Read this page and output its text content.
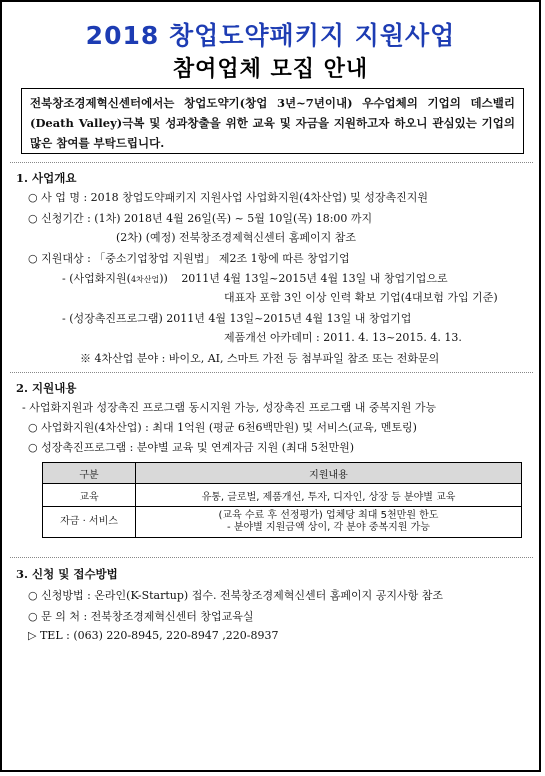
2018 창업도약패키지 지원사업
참여업체 모집 안내
전북창조경제혁신센터에서는 창업도약기(창업 3년~7년이내) 우수업체의 기업의 데스밸리(Death Valley)극복 및 성과창출을 위한 교육 및 자금을 지원하고자 하오니 관심있는 기업의 많은 참여를 부탁드립니다.
1. 사업개요
○ 사 업 명 : 2018 창업도약패키지 지원사업 사업화지원(4차산업) 및 성장촉진지원
○ 신청기간 : (1차) 2018년 4월 26일(목) ~ 5월 10일(목) 18:00 까지
(2차) (예정) 전북창조경제혁신센터 홈페이지 참조
○ 지원대상 : 「중소기업창업 지원법」 제2조 1항에 따른 창업기업
- (사업화지원(4차산업)) 2011년 4월 13일~2015년 4월 13일 내 창업기업으로
대표자 포함 3인 이상 인력 확보 기업(4대보험 가입 기준)
- (성장촉진프로그램) 2011년 4월 13일~2015년 4월 13일 내 창업기업
제품개선 아카데미 : 2011. 4. 13~2015. 4. 13.
※ 4차산업 분야 : 바이오, AI, 스마트 가전 등 첨부파일 참조 또는 전화문의
2. 지원내용
- 사업화지원과 성장촉진 프로그램 동시지원 가능, 성장촉진 프로그램 내 중복지원 가능
○ 사업화지원(4차산업) : 최대 1억원 (평균 6천6백만원) 및 서비스(교육, 멘토링)
○ 성장촉진프로그램 : 분야별 교육 및 연계자금 지원 (최대 5천만원)
구분	지원내용
교육	유통, 글로벌, 제품개선, 투자, 디자인, 상장 등 분야별 교육
자금 · 서비스	(교육 수료 후 선정평가) 업체당 최대 5천만원 한도
- 분야별 지원금액 상이, 각 분야 중복지원 가능
3. 신청 및 접수방법
○ 신청방법 : 온라인(K-Startup) 접수. 전북창조경제혁신센터 홈페이지 공지사항 참조
○ 문 의 처 : 전북창조경제혁신센터 창업교육실
▷ TEL : (063) 220-8945, 220-8947 ,220-8937
